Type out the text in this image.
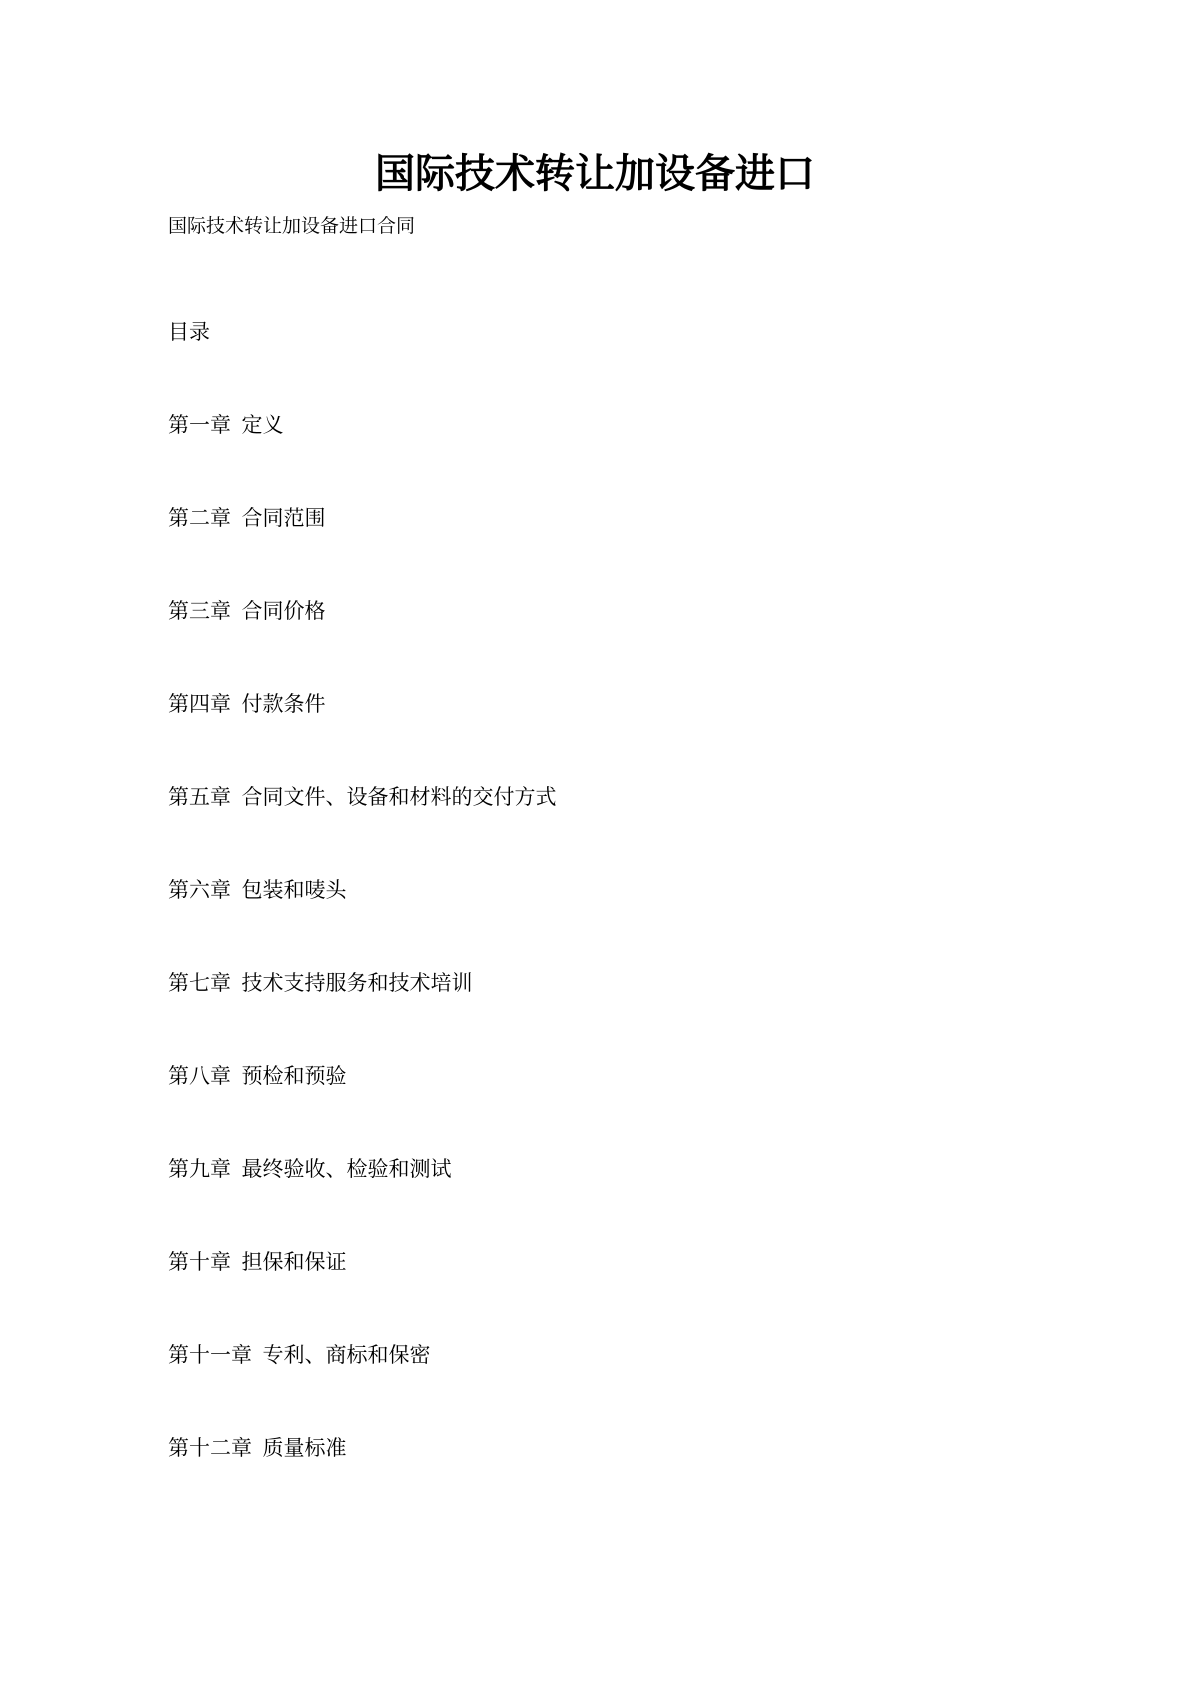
国际技术转让加设备进口

国际技术转让加设备进口合同

目录

第一章  定义

第二章  合同范围

第三章  合同价格

第四章  付款条件

第五章  合同文件、设备和材料的交付方式

第六章  包装和唛头

第七章  技术支持服务和技术培训

第八章  预检和预验

第九章  最终验收、检验和测试

第十章  担保和保证

第十一章  专利、商标和保密

第十二章  质量标准
